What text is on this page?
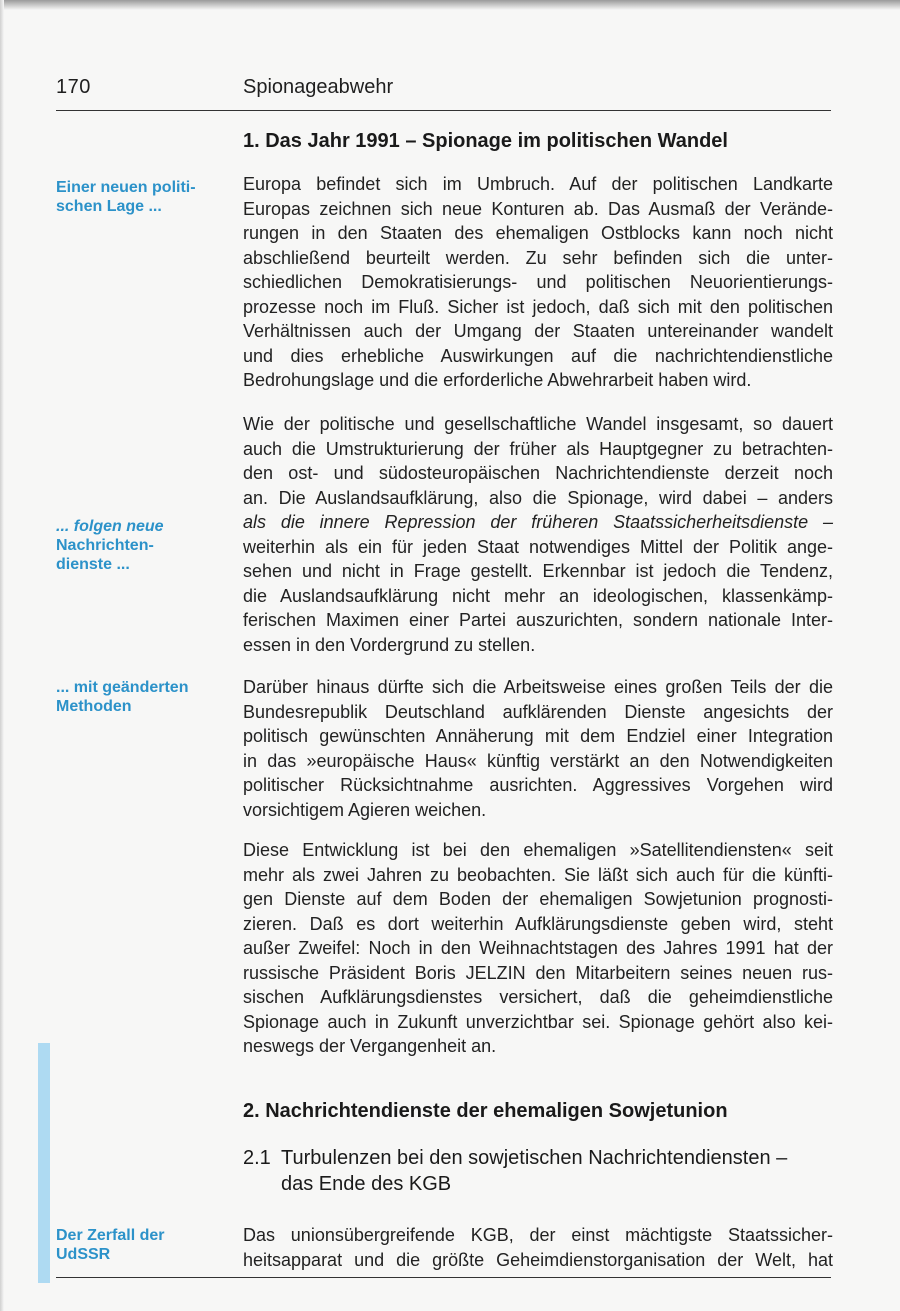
170	Spionageabwehr
1. Das Jahr 1991 – Spionage im politischen Wandel
Einer neuen politi-
schen Lage ...
... folgen neue
Nachrichten-
dienste ...
... mit geänderten
Methoden
Der Zerfall der
UdSSR
Europa befindet sich im Umbruch. Auf der politischen Landkarte
Europas zeichnen sich neue Konturen ab. Das Ausmaß der Verände-
rungen in den Staaten des ehemaligen Ostblocks kann noch nicht
abschließend beurteilt werden. Zu sehr befinden sich die unter-
schiedlichen Demokratisierungs- und politischen Neuorientierungs-
prozesse noch im Fluß. Sicher ist jedoch, daß sich mit den politischen
Verhältnissen auch der Umgang der Staaten untereinander wandelt
und dies erhebliche Auswirkungen auf die nachrichtendienstliche
Bedrohungslage und die erforderliche Abwehrarbeit haben wird.
Wie der politische und gesellschaftliche Wandel insgesamt, so dauert
auch die Umstrukturierung der früher als Hauptgegner zu betrachten-
den ost- und südosteuropäischen Nachrichtendienste derzeit noch
an. Die Auslandsaufklärung, also die Spionage, wird dabei – anders
als die innere Repression der früheren Staatssicherheitsdienste –
weiterhin als ein für jeden Staat notwendiges Mittel der Politik ange-
sehen und nicht in Frage gestellt. Erkennbar ist jedoch die Tendenz,
die Auslandsaufklärung nicht mehr an ideologischen, klassenkämp-
ferischen Maximen einer Partei auszurichten, sondern nationale Inter-
essen in den Vordergrund zu stellen.
Darüber hinaus dürfte sich die Arbeitsweise eines großen Teils der die
Bundesrepublik Deutschland aufklärenden Dienste angesichts der
politisch gewünschten Annäherung mit dem Endziel einer Integration
in das »europäische Haus« künftig verstärkt an den Notwendigkeiten
politischer Rücksichtnahme ausrichten. Aggressives Vorgehen wird
vorsichtigem Agieren weichen.
Diese Entwicklung ist bei den ehemaligen »Satellitendiensten« seit
mehr als zwei Jahren zu beobachten. Sie läßt sich auch für die künfti-
gen Dienste auf dem Boden der ehemaligen Sowjetunion prognosti-
zieren. Daß es dort weiterhin Aufklärungsdienste geben wird, steht
außer Zweifel: Noch in den Weihnachtstagen des Jahres 1991 hat der
russische Präsident Boris JELZIN den Mitarbeitern seines neuen rus-
sischen Aufklärungsdienstes versichert, daß die geheimdienstliche
Spionage auch in Zukunft unverzichtbar sei. Spionage gehört also kei-
neswegs der Vergangenheit an.
2. Nachrichtendienste der ehemaligen Sowjetunion
2.1 Turbulenzen bei den sowjetischen Nachrichtendiensten –
das Ende des KGB
Das unionsübergreifende KGB, der einst mächtigste Staatssicher-
heitsapparat und die größte Geheimdienstorganisation der Welt, hat
